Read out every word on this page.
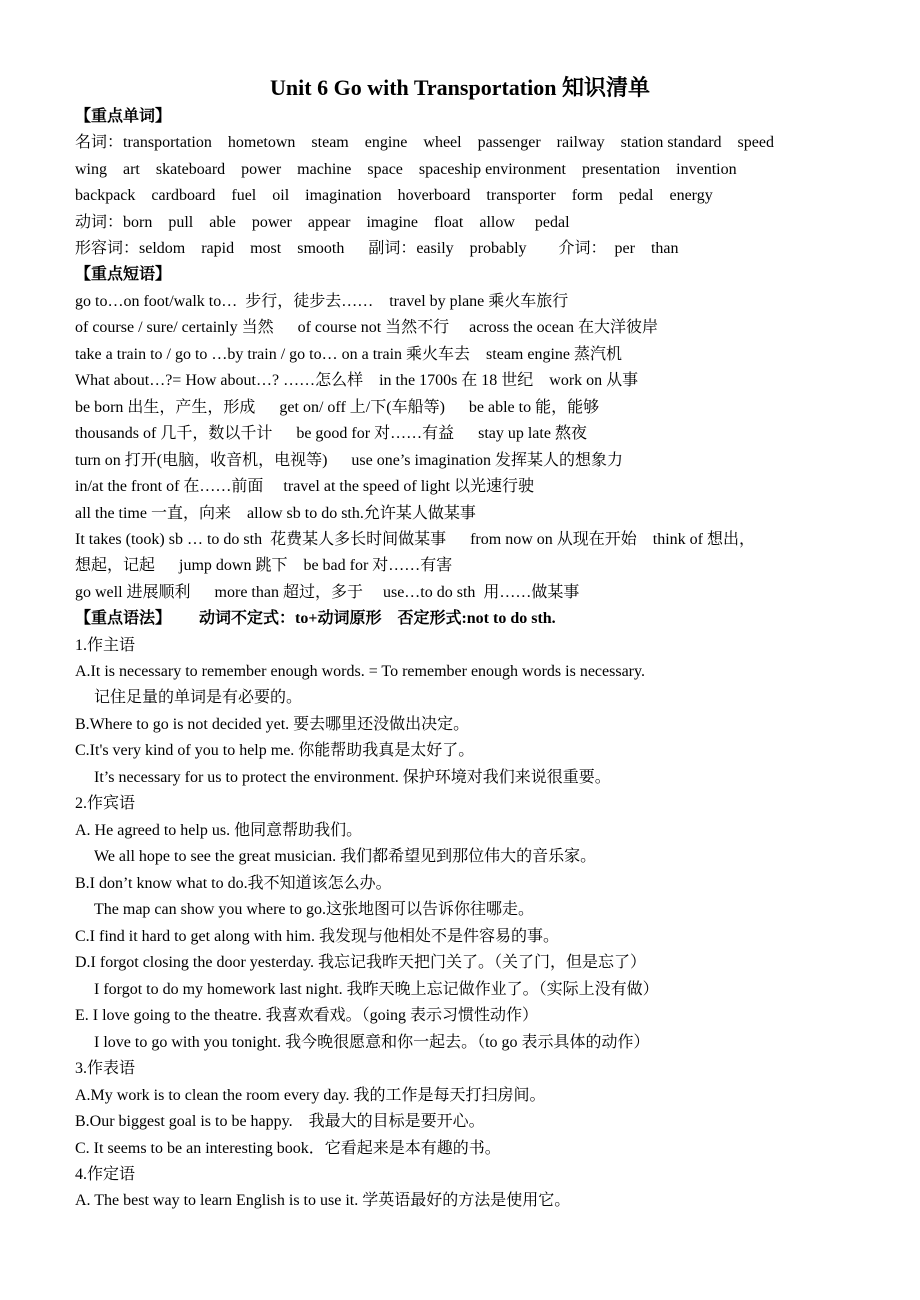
Unit 6 Go with Transportation 知识清单
【重点单词】
名词：transportation    hometown    steam    engine    wheel    passenger    railway    station standard    speed
wing    art    skateboard    power    machine    space    spaceship environment    presentation    invention
backpack    cardboard    fuel    oil    imagination    hoverboard    transporter    form    pedal    energy
动词：born    pull    able    power    appear    imagine    float    allow     pedal
形容词：seldom    rapid    most    smooth      副词：easily    probably        介词：  per    than
【重点短语】
go to…on foot/walk to…  步行，徒步去……    travel by plane 乘火车旅行
of course / sure/ certainly 当然      of course not 当然不行     across the ocean 在大洋彼岸
take a train to / go to …by train / go to… on a train 乘火车去    steam engine 蒸汽机
What about…?= How about…? ……怎么样    in the 1700s 在 18 世纪    work on 从事
be born 出生，产生，形成      get on/ off 上/下(车船等)      be able to 能，能够
thousands of 几千，数以千计      be good for 对……有益      stay up late 熬夜
turn on 打开(电脑，收音机，电视等)      use one’s imagination 发挥某人的想象力
in/at the front of 在……前面     travel at the speed of light 以光速行驶
all the time 一直，向来    allow sb to do sth.允许某人做某事
It takes (took) sb … to do sth  花费某人多长时间做某事      from now on 从现在开始    think of 想出，
想起，记起      jump down 跳下    be bad for 对……有害
go well 进展顺利      more than 超过，多于     use…to do sth  用……做某事
【重点语法】       动词不定式：to+动词原形    否定形式:not to do sth.
1.作主语
A.It is necessary to remember enough words. = To remember enough words is necessary.
记住足量的单词是有必要的。
B.Where to go is not decided yet. 要去哪里还没做出决定。
C.It's very kind of you to help me. 你能帮助我真是太好了。
It’s necessary for us to protect the environment. 保护环境对我们来说很重要。
2.作宾语
A. He agreed to help us. 他同意帮助我们。
We all hope to see the great musician. 我们都希望见到那位伟大的音乐家。
B.I don’t know what to do.我不知道该怎么办。
The map can show you where to go.这张地图可以告诉你往哪走。
C.I find it hard to get along with him. 我发现与他相处不是件容易的事。
D.I forgot closing the door yesterday. 我忘记我昨天把门关了。（关了门，但是忘了）
I forgot to do my homework last night. 我昨天晚上忘记做作业了。（实际上没有做）
E. I love going to the theatre. 我喜欢看戏。（going 表示习惯性动作）
I love to go with you tonight. 我今晚很愿意和你一起去。（to go 表示具体的动作）
3.作表语
A.My work is to clean the room every day. 我的工作是每天打扫房间。
B.Our biggest goal is to be happy.    我最大的目标是要开心。
C. It seems to be an interesting book．它看起来是本有趣的书。
4.作定语
A. The best way to learn English is to use it. 学英语最好的方法是使用它。
